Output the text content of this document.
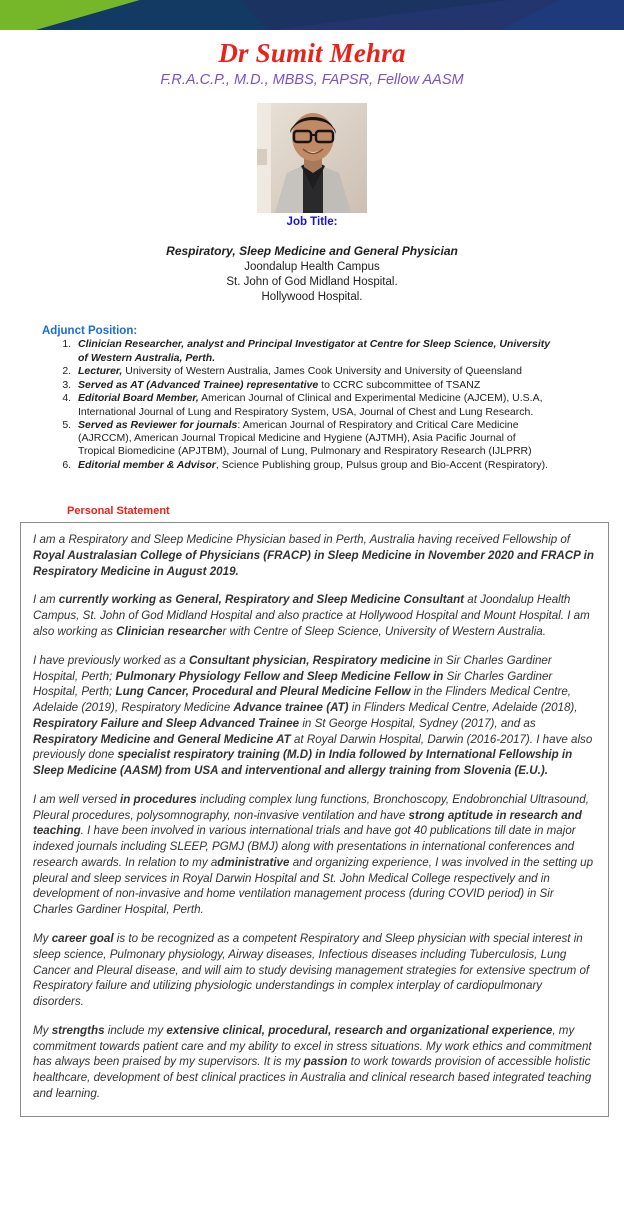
Dr Sumit Mehra
F.R.A.C.P., M.D., MBBS, FAPSR, Fellow AASM
Job Title:
Respiratory, Sleep Medicine and General Physician
Joondalup Health Campus
St. John of God Midland Hospital.
Hollywood Hospital.
Adjunct Position:
1. Clinician Researcher, analyst and Principal Investigator at Centre for Sleep Science, University of Western Australia, Perth.
2. Lecturer, University of Western Australia, James Cook University and University of Queensland
3. Served as AT (Advanced Trainee) representative to CCRC subcommittee of TSANZ
4. Editorial Board Member, American Journal of Clinical and Experimental Medicine (AJCEM), U.S.A, International Journal of Lung and Respiratory System, USA, Journal of Chest and Lung Research.
5. Served as Reviewer for journals: American Journal of Respiratory and Critical Care Medicine (AJRCCM), American Journal Tropical Medicine and Hygiene (AJTMH), Asia Pacific Journal of Tropical Biomedicine (APJTBM), Journal of Lung, Pulmonary and Respiratory Research (IJLPRR)
6. Editorial member & Advisor, Science Publishing group, Pulsus group and Bio-Accent (Respiratory).
Personal Statement

I am a Respiratory and Sleep Medicine Physician based in Perth, Australia having received Fellowship of Royal Australasian College of Physicians (FRACP) in Sleep Medicine in November 2020 and FRACP in Respiratory Medicine in August 2019.

I am currently working as General, Respiratory and Sleep Medicine Consultant at Joondalup Health Campus, St. John of God Midland Hospital and also practice at Hollywood Hospital and Mount Hospital. I am also working as Clinician researcher with Centre of Sleep Science, University of Western Australia.

I have previously worked as a Consultant physician, Respiratory medicine in Sir Charles Gardiner Hospital, Perth; Pulmonary Physiology Fellow and Sleep Medicine Fellow in Sir Charles Gardiner Hospital, Perth; Lung Cancer, Procedural and Pleural Medicine Fellow in the Flinders Medical Centre, Adelaide (2019), Respiratory Medicine Advance trainee (AT) in Flinders Medical Centre, Adelaide (2018), Respiratory Failure and Sleep Advanced Trainee in St George Hospital, Sydney (2017), and as Respiratory Medicine and General Medicine AT at Royal Darwin Hospital, Darwin (2016-2017). I have also previously done specialist respiratory training (M.D) in India followed by International Fellowship in Sleep Medicine (AASM) from USA and interventional and allergy training from Slovenia (E.U.).

I am well versed in procedures including complex lung functions, Bronchoscopy, Endobronchial Ultrasound, Pleural procedures, polysomnography, non-invasive ventilation and have strong aptitude in research and teaching. I have been involved in various international trials and have got 40 publications till date in major indexed journals including SLEEP, PGMJ (BMJ) along with presentations in international conferences and research awards. In relation to my administrative and organizing experience, I was involved in the setting up pleural and sleep services in Royal Darwin Hospital and St. John Medical College respectively and in development of non-invasive and home ventilation management process (during COVID period) in Sir Charles Gardiner Hospital, Perth.

My career goal is to be recognized as a competent Respiratory and Sleep physician with special interest in sleep science, Pulmonary physiology, Airway diseases, Infectious diseases including Tuberculosis, Lung Cancer and Pleural disease, and will aim to study devising management strategies for extensive spectrum of Respiratory failure and utilizing physiologic understandings in complex interplay of cardiopulmonary disorders.

My strengths include my extensive clinical, procedural, research and organizational experience, my commitment towards patient care and my ability to excel in stress situations. My work ethics and commitment has always been praised by my supervisors. It is my passion to work towards provision of accessible holistic healthcare, development of best clinical practices in Australia and clinical research based integrated teaching and learning.
